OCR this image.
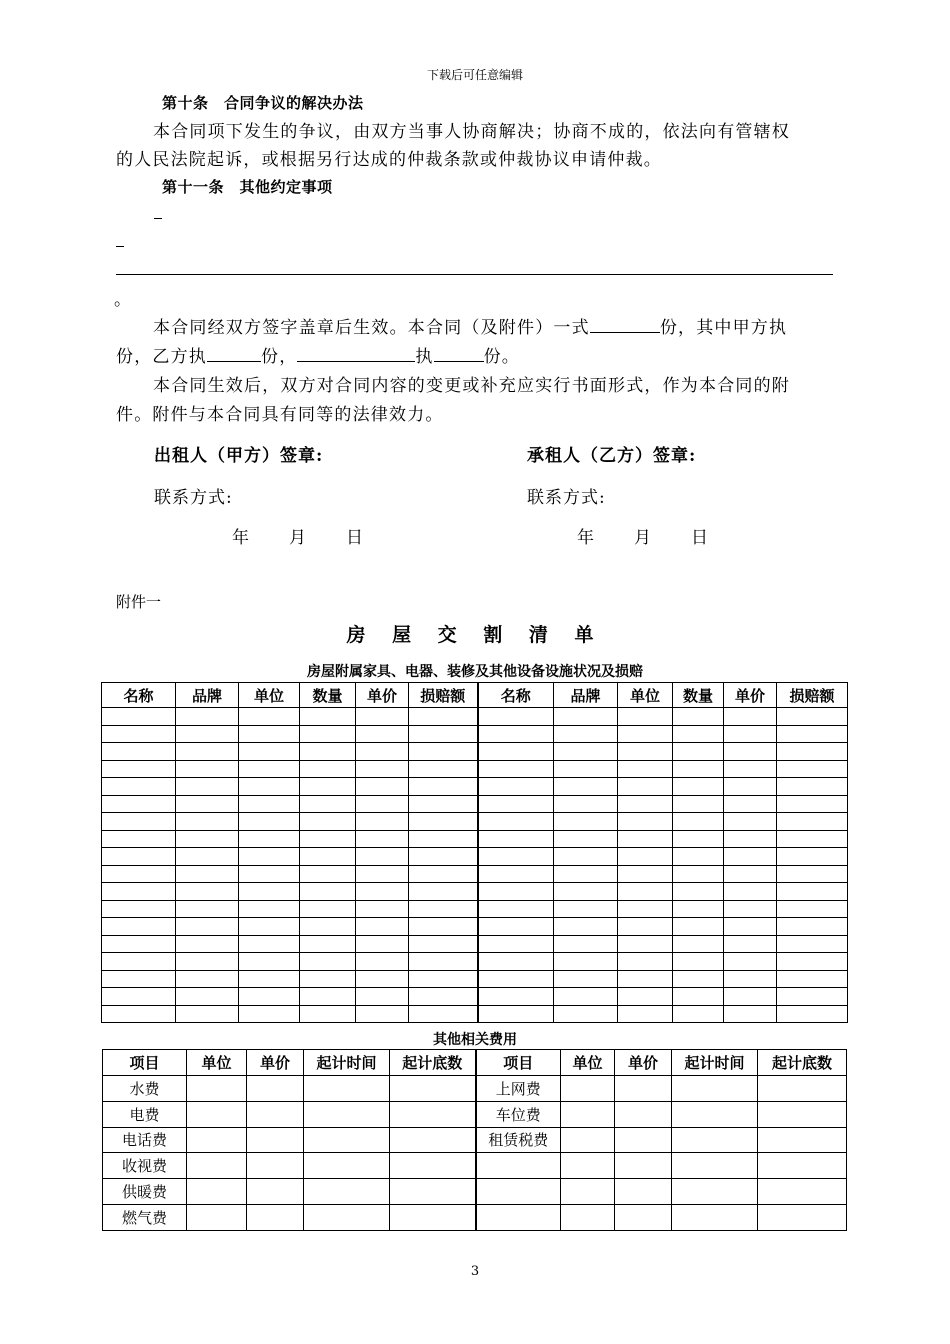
下载后可任意编辑
第十条　合同争议的解决办法
本合同项下发生的争议，由双方当事人协商解决；协商不成的，依法向有管辖权
的人民法院起诉，或根据另行达成的仲裁条款或仲裁协议申请仲裁。
第十一条　其他约定事项
。
本合同经双方签字盖章后生效。本合同（及附件）一式	份，其中甲方执
份，乙方执	份，	执	份。
本合同生效后，双方对合同内容的变更或补充应实行书面形式，作为本合同的附
件。附件与本合同具有同等的法律效力。
出租人（甲方）签章:	承租人（乙方）签章:
联系方式:	联系方式:
年 月 日	年 月 日
附件一
房 屋 交 割 清 单
房屋附属家具、电器、装修及其他设备设施状况及损赔
名称	品牌	单位	数量	单价	损赔额	名称	品牌	单位	数量	单价	损赔额

其他相关费用
项目	单位	单价	起计时间	起计底数	项目	单位	单价	起计时间	起计底数
水费					上网费				
电费					车位费				
电话费					租赁税费				
收视费									
供暖费									
燃气费									
3
